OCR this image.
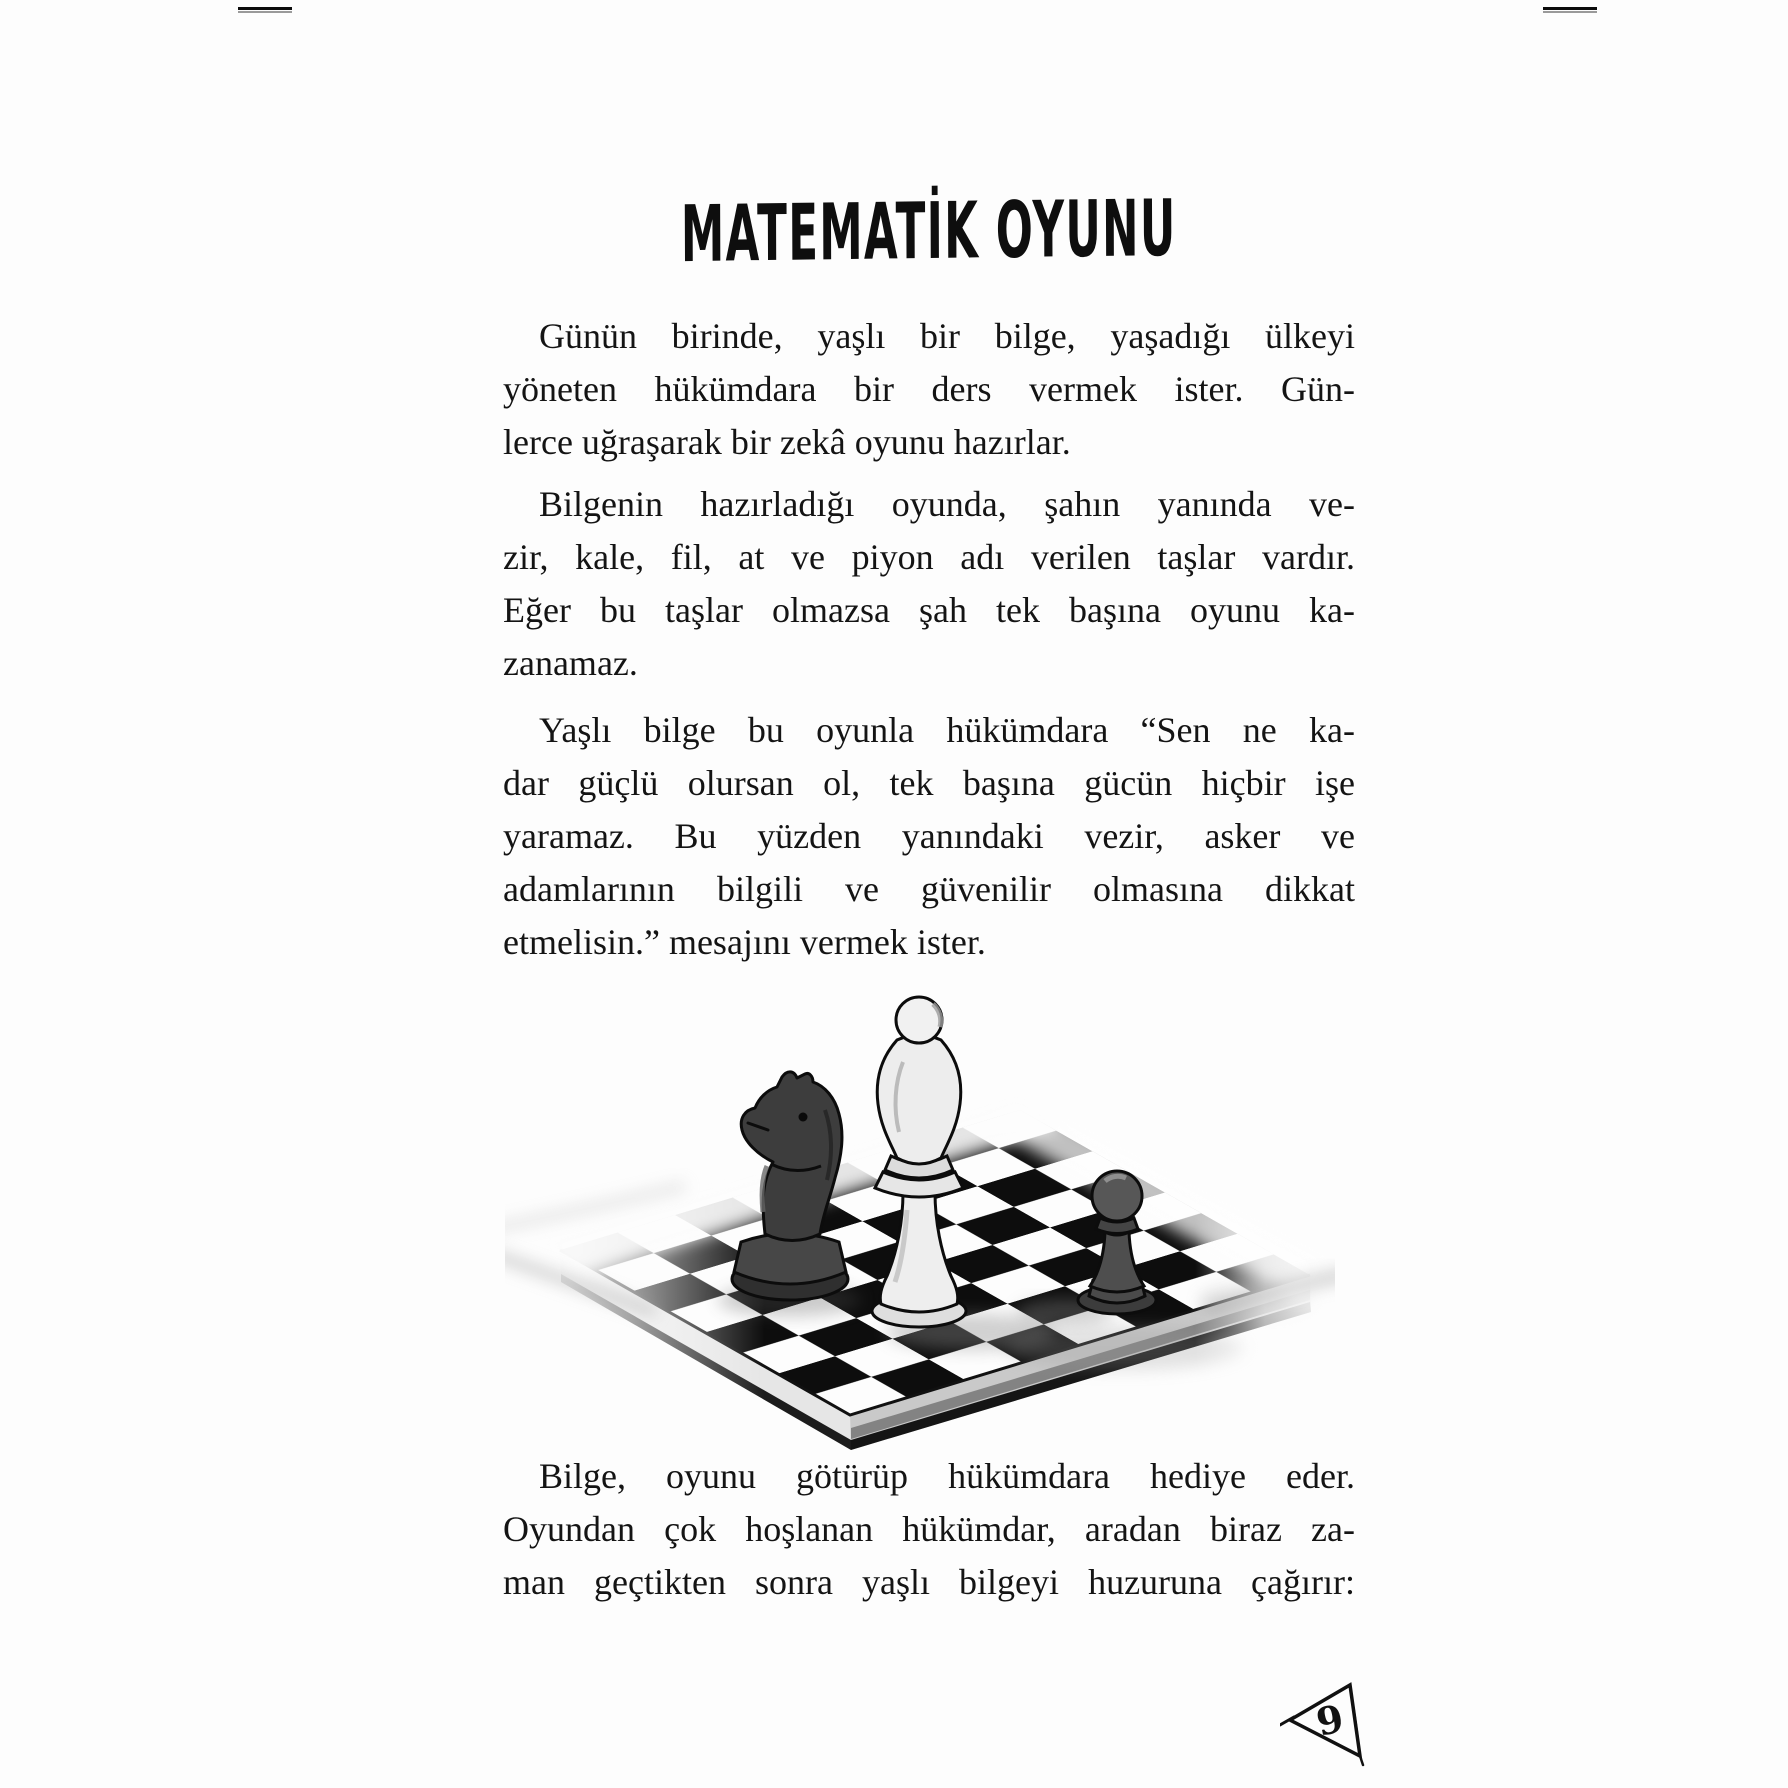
MATEMATİK OYUNU
Günün birinde, yaşlı bir bilge, yaşadığı ülkeyi
yöneten hükümdara bir ders vermek ister. Gün-
lerce uğraşarak bir zekâ oyunu hazırlar.
Bilgenin hazırladığı oyunda, şahın yanında ve-
zir, kale, fil, at ve piyon adı verilen taşlar vardır.
Eğer bu taşlar olmazsa şah tek başına oyunu ka-
zanamaz.
Yaşlı bilge bu oyunla hükümdara “Sen ne ka-
dar güçlü olursan ol, tek başına gücün hiçbir işe
yaramaz. Bu yüzden yanındaki vezir, asker ve
adamlarının bilgili ve güvenilir olmasına dikkat
etmelisin.” mesajını vermek ister.
Bilge, oyunu götürüp hükümdara hediye eder.
Oyundan çok hoşlanan hükümdar, aradan biraz za-
man geçtikten sonra yaşlı bilgeyi huzuruna çağırır:
9
